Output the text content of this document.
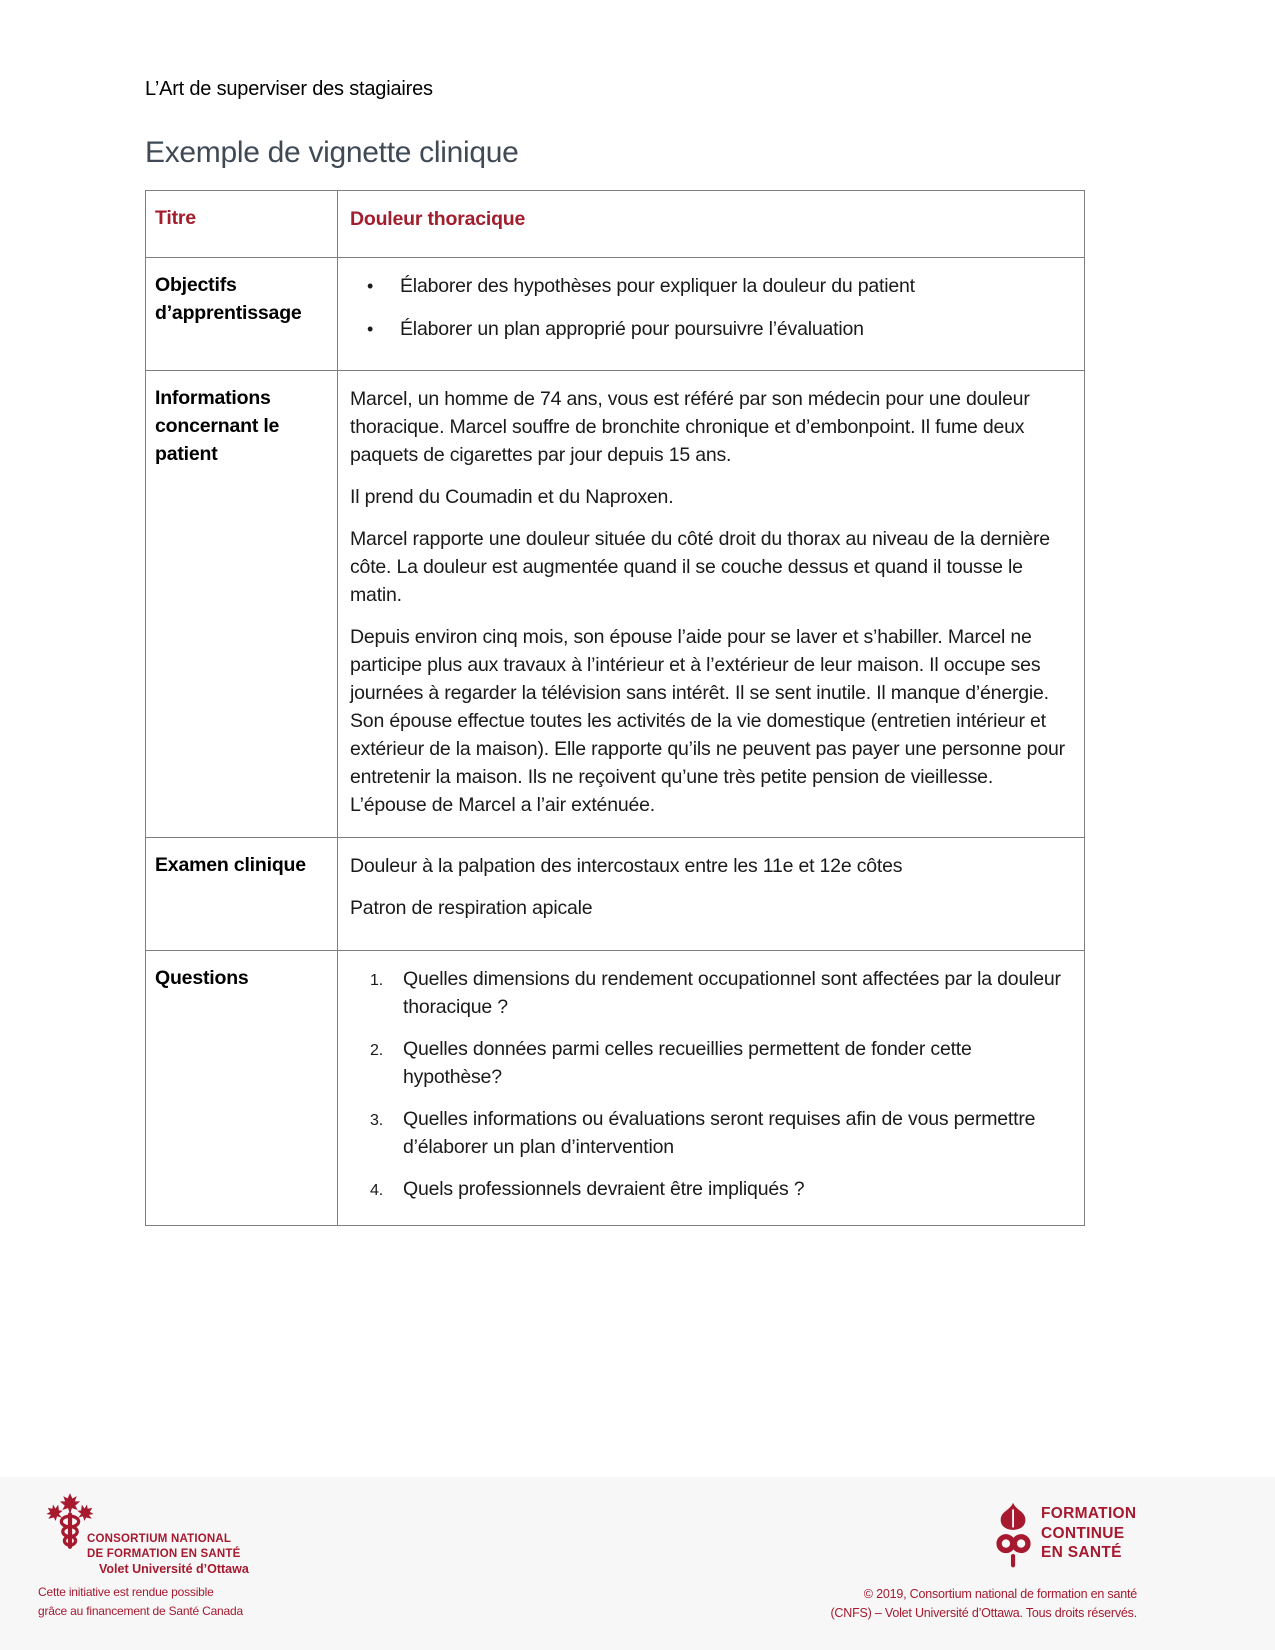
L’Art de superviser des stagiaires
Exemple de vignette clinique
Titre	Douleur thoracique
Objectifs d’apprentissage	• Élaborer des hypothèses pour expliquer la douleur du patient
• Élaborer un plan approprié pour poursuivre l’évaluation

Informations concernant le patient	Marcel, un homme de 74 ans, vous est référé par son médecin pour une douleur thoracique. Marcel souffre de bronchite chronique et d’embonpoint. Il fume deux paquets de cigarettes par jour depuis 15 ans.

Il prend du Coumadin et du Naproxen.

Marcel rapporte une douleur située du côté droit du thorax au niveau de la dernière côte. La douleur est augmentée quand il se couche dessus et quand il tousse le matin.

Depuis environ cinq mois, son épouse l’aide pour se laver et s’habiller. Marcel ne participe plus aux travaux à l’intérieur et à l’extérieur de leur maison. Il occupe ses journées à regarder la télévision sans intérêt. Il se sent inutile. Il manque d’énergie. Son épouse effectue toutes les activités de la vie domestique (entretien intérieur et extérieur de la maison). Elle rapporte qu’ils ne peuvent pas payer une personne pour entretenir la maison. Ils ne reçoivent qu’une très petite pension de vieillesse. L’épouse de Marcel a l’air exténuée.

Examen clinique	Douleur à la palpation des intercostaux entre les 11e et 12e côtes

Patron de respiration apicale

Questions	1.	Quelles dimensions du rendement occupationnel sont affectées par la douleur thoracique ?
2.	Quelles données parmi celles recueillies permettent de fonder cette hypothèse?
3.	Quelles informations ou évaluations seront requises afin de vous permettre d’élaborer un plan d’intervention
4.	Quels professionnels devraient être impliqués ?
CONSORTIUM NATIONAL
DE FORMATION EN SANTÉ
Volet Université d’Ottawa
Cette initiative est rendue possible
grâce au financement de Santé Canada
FORMATION
CONTINUE
EN SANTÉ
© 2019, Consortium national de formation en santé
(CNFS) – Volet Université d’Ottawa. Tous droits réservés.
